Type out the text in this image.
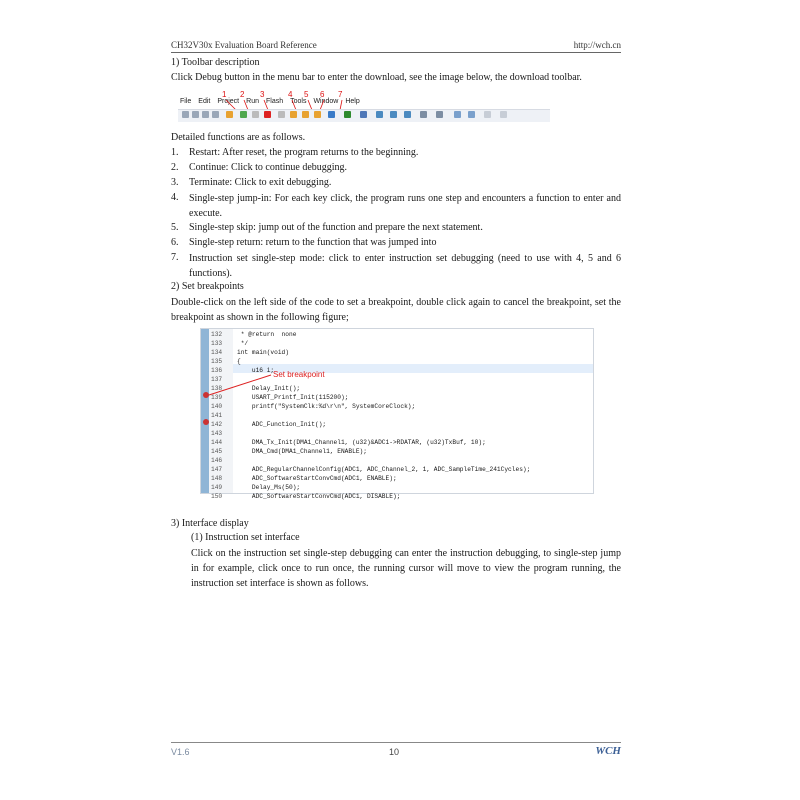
CH32V30x Evaluation Board Reference	http://wch.cn
1) Toolbar description
Click Debug button in the menu bar to enter the download, see the image below, the download toolbar.
File Edit Project Run Flash Tools Window Help
1 2 3	4 5 6 7
Detailed functions are as follows.
1. Restart: After reset, the program returns to the beginning.
2. Continue: Click to continue debugging.
3. Terminate: Click to exit debugging.
4. Single-step jump-in: For each key click, the program runs one step and encounters a function to enter and execute.
5. Single-step skip: jump out of the function and prepare the next statement.
6. Single-step return: return to the function that was jumped into
7. Instruction set single-step mode: click to enter instruction set debugging (need to use with 4, 5 and 6 functions).
2) Set breakpoints
Double-click on the left side of the code to set a breakpoint, double click again to cancel the breakpoint, set the breakpoint as shown in the following figure;
132 * @return  none
133 */
134 int main(void)
135 {
136 u16 i;
137
138 Delay_Init();
139 USART_Printf_Init(115200);
140 printf("SystemClk:%d\r\n", SystemCoreClock);
141
142 ADC_Function_Init();
143
144 DMA_Tx_Init(DMA1_Channel1, (u32)&ADC1->RDATAR, (u32)TxBuf, 10);
145 DMA_Cmd(DMA1_Channel1, ENABLE);
146
147 ADC_RegularChannelConfig(ADC1, ADC_Channel_2, 1, ADC_SampleTime_241Cycles);
148 ADC_SoftwareStartConvCmd(ADC1, ENABLE);
149 Delay_Ms(50);
150 ADC_SoftwareStartConvCmd(ADC1, DISABLE);
Set breakpoint
3) Interface display
(1) Instruction set interface
Click on the instruction set single-step debugging can enter the instruction debugging, to single-step jump in for example, click once to run once, the running cursor will move to view the program running, the instruction set interface is shown as follows.
V1.6	10	WCH
